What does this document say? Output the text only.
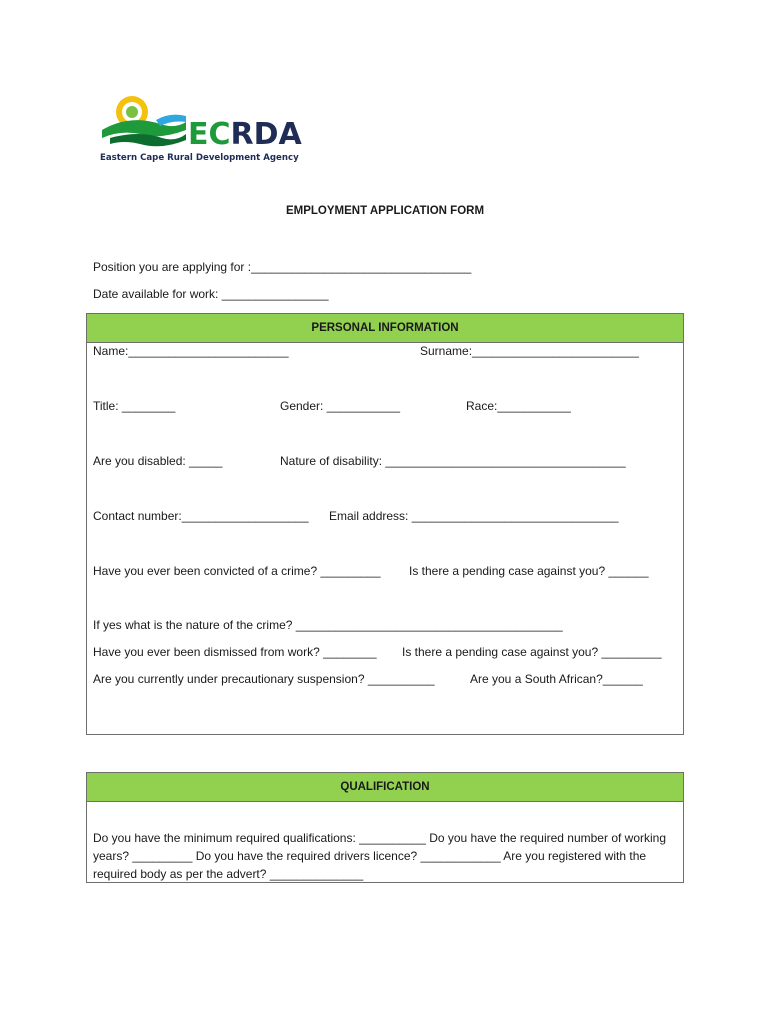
ECRDA
Eastern Cape Rural Development Agency
EMPLOYMENT APPLICATION FORM
Position you are applying for :_________________________________
Date available for work: ________________
PERSONAL INFORMATION
Name:________________________	Surname:_________________________
Title: ________	Gender: ___________	Race:___________
Are you disabled: _____	Nature of disability: ____________________________________
Contact number:___________________ Email address: _______________________________
Have you ever been convicted of a crime? _________ Is there a pending case against you? ______
If yes what is the nature of the crime? ________________________________________
Have you ever been dismissed from work? ________ Is there a pending case against you? _________
Are you currently under precautionary suspension? __________	Are you a South African?______
QUALIFICATION
Do you have the minimum required qualifications: __________ Do you have the required number of working years? _________ Do you have the required drivers licence? ____________ Are you registered with the required body as per the advert? ______________
